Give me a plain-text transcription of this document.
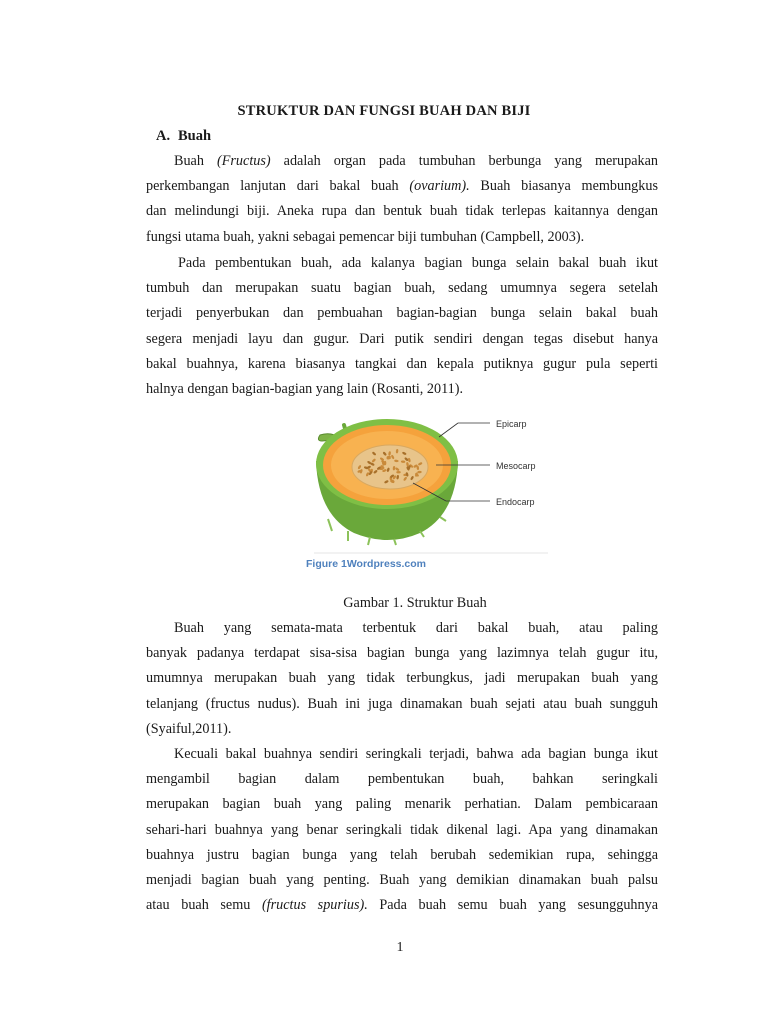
STRUKTUR DAN FUNGSI BUAH DAN BIJI
A. Buah
Buah (Fructus) adalah organ pada tumbuhan berbunga yang merupakan
perkembangan lanjutan dari bakal buah (ovarium). Buah biasanya membungkus
dan melindungi biji. Aneka rupa dan bentuk buah tidak terlepas kaitannya dengan
fungsi utama buah, yakni sebagai pemencar biji tumbuhan (Campbell, 2003).
Pada pembentukan buah, ada kalanya bagian bunga selain bakal buah ikut
tumbuh dan merupakan suatu bagian buah, sedang umumnya segera setelah
terjadi penyerbukan dan pembuahan bagian-bagian bunga selain bakal buah
segera menjadi layu dan gugur. Dari putik sendiri dengan tegas disebut hanya
bakal buahnya, karena biasanya tangkai dan kepala putiknya gugur pula seperti
halnya dengan bagian-bagian yang lain (Rosanti, 2011).
Epicarp
Mesocarp
Endocarp
Figure 1Wordpress.com
Gambar 1. Struktur Buah
Buah yang semata-mata terbentuk dari bakal buah, atau paling
banyak padanya terdapat sisa-sisa bagian bunga yang lazimnya telah gugur itu,
umumnya merupakan buah yang tidak terbungkus, jadi merupakan buah yang
telanjang (fructus nudus). Buah ini juga dinamakan buah sejati atau buah sungguh
(Syaiful,2011).
Kecuali bakal buahnya sendiri seringkali terjadi, bahwa ada bagian bunga ikut
mengambil bagian dalam pembentukan buah, bahkan seringkali
merupakan bagian buah yang paling menarik perhatian. Dalam pembicaraan
sehari-hari buahnya yang benar seringkali tidak dikenal lagi. Apa yang dinamakan
buahnya justru bagian bunga yang telah berubah sedemikian rupa, sehingga
menjadi bagian buah yang penting. Buah yang demikian dinamakan buah palsu
atau buah semu (fructus spurius). Pada buah semu buah yang sesungguhnya
1
